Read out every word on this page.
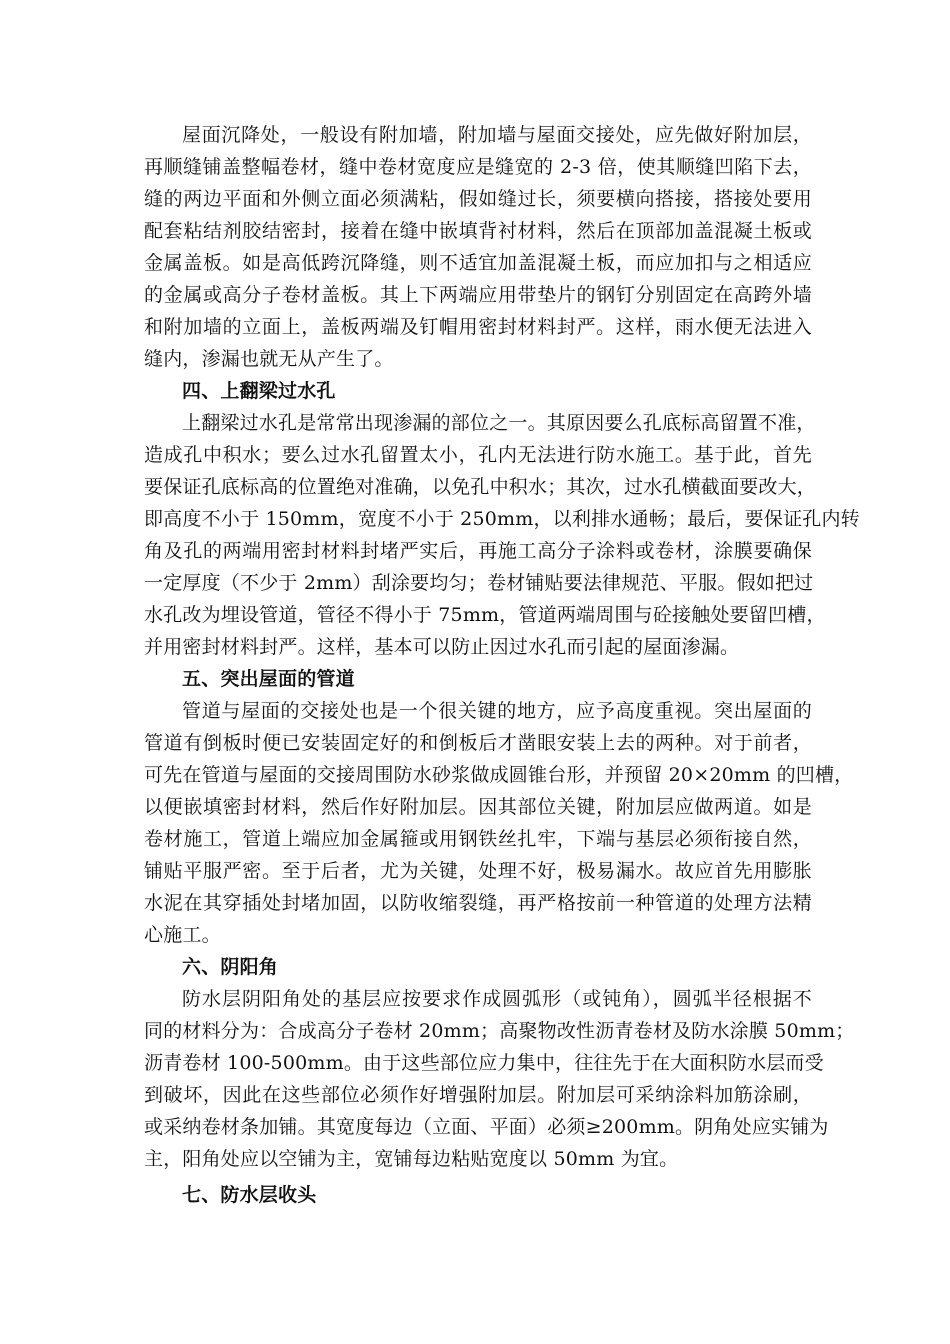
屋面沉降处，一般设有附加墙，附加墙与屋面交接处，应先做好附加层，
再顺缝铺盖整幅卷材，缝中卷材宽度应是缝宽的 2-3 倍，使其顺缝凹陷下去，
缝的两边平面和外侧立面必须满粘，假如缝过长，须要横向搭接，搭接处要用
配套粘结剂胶结密封，接着在缝中嵌填背衬材料，然后在顶部加盖混凝土板或
金属盖板。如是高低跨沉降缝，则不适宜加盖混凝土板，而应加扣与之相适应
的金属或高分子卷材盖板。其上下两端应用带垫片的钢钉分别固定在高跨外墙
和附加墙的立面上，盖板两端及钉帽用密封材料封严。这样，雨水便无法进入
缝内，渗漏也就无从产生了。
四、上翻梁过水孔
上翻梁过水孔是常常出现渗漏的部位之一。其原因要么孔底标高留置不准，
造成孔中积水；要么过水孔留置太小，孔内无法进行防水施工。基于此，首先
要保证孔底标高的位置绝对准确，以免孔中积水；其次，过水孔横截面要改大，
即高度不小于 150mm，宽度不小于 250mm，以利排水通畅；最后，要保证孔内转
角及孔的两端用密封材料封堵严实后，再施工高分子涂料或卷材，涂膜要确保
一定厚度（不少于 2mm）刮涂要均匀；卷材铺贴要法律规范、平服。假如把过
水孔改为埋设管道，管径不得小于 75mm，管道两端周围与砼接触处要留凹槽，
并用密封材料封严。这样，基本可以防止因过水孔而引起的屋面渗漏。
五、突出屋面的管道
管道与屋面的交接处也是一个很关键的地方，应予高度重视。突出屋面的
管道有倒板时便已安装固定好的和倒板后才凿眼安装上去的两种。对于前者，
可先在管道与屋面的交接周围防水砂浆做成圆锥台形，并预留 20×20mm 的凹槽，
以便嵌填密封材料，然后作好附加层。因其部位关键，附加层应做两道。如是
卷材施工，管道上端应加金属箍或用钢铁丝扎牢，下端与基层必须衔接自然，
铺贴平服严密。至于后者，尤为关键，处理不好，极易漏水。故应首先用膨胀
水泥在其穿插处封堵加固，以防收缩裂缝，再严格按前一种管道的处理方法精
心施工。
六、阴阳角
防水层阴阳角处的基层应按要求作成圆弧形（或钝角），圆弧半径根据不
同的材料分为：合成高分子卷材 20mm；高聚物改性沥青卷材及防水涂膜 50mm；
沥青卷材 100-500mm。由于这些部位应力集中，往往先于在大面积防水层而受
到破坏，因此在这些部位必须作好增强附加层。附加层可采纳涂料加筋涂刷，
或采纳卷材条加铺。其宽度每边（立面、平面）必须≥200mm。阴角处应实铺为
主，阳角处应以空铺为主，宽铺每边粘贴宽度以 50mm 为宜。
七、防水层收头
